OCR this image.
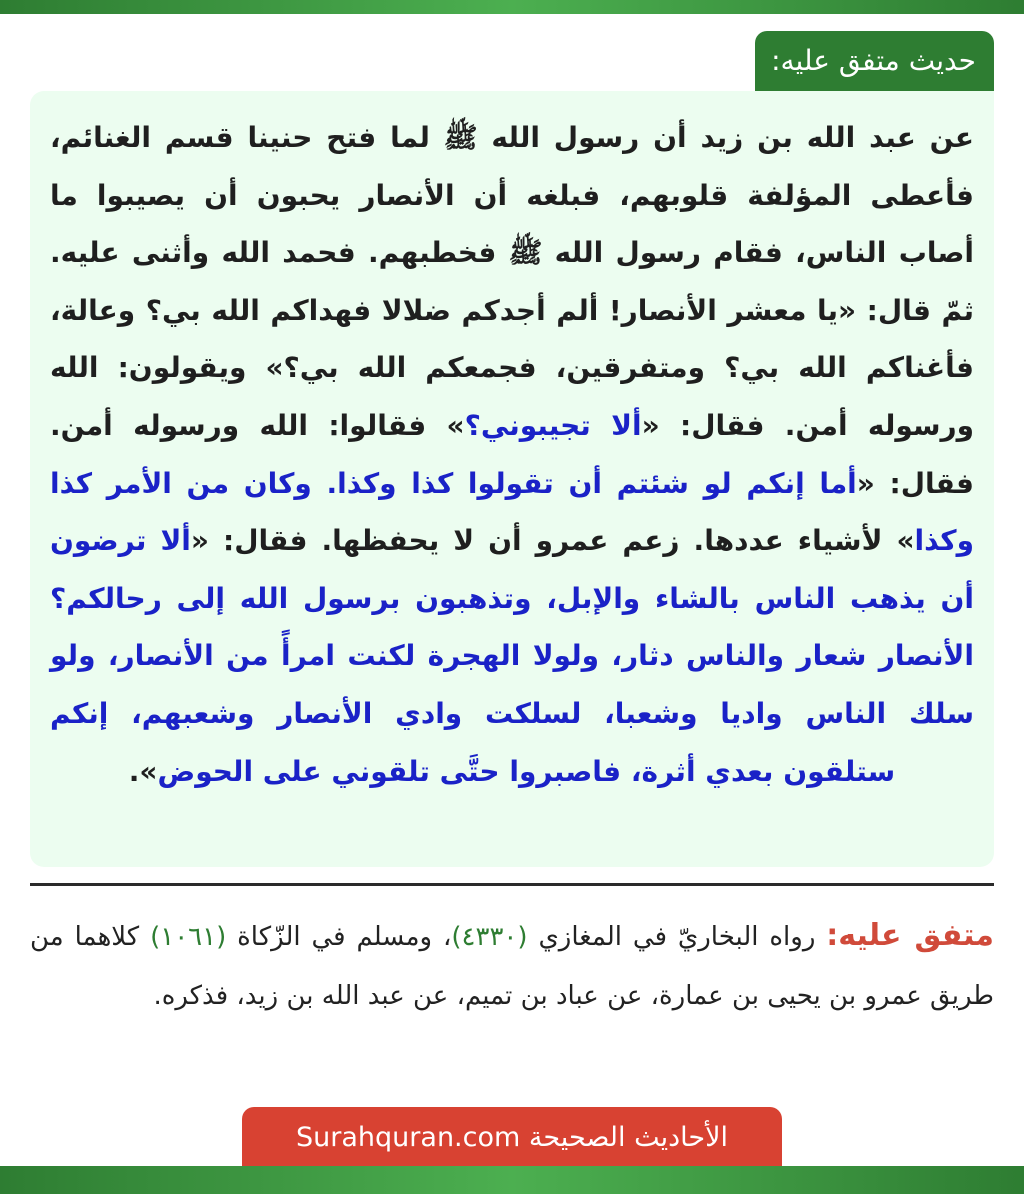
حديث متفق عليه:

عن عبد الله بن زيد أن رسول الله ﷺ لما فتح حنينا قسم الغنائم، فأعطى المؤلفة قلوبهم، فبلغه أن الأنصار يحبون أن يصيبوا ما أصاب الناس، فقام رسول الله ﷺ فخطبهم. فحمد الله وأثنى عليه. ثمّ قال: «يا معشر الأنصار! ألم أجدكم ضلالا فهداكم الله بي؟ وعالة، فأغناكم الله بي؟ ومتفرقين، فجمعكم الله بي؟» ويقولون: الله ورسوله أمن. فقال: «ألا تجيبوني؟» فقالوا: الله ورسوله أمن. فقال: «أما إنكم لو شئتم أن تقولوا كذا وكذا. وكان من الأمر كذا وكذا» لأشياء عددها. زعم عمرو أن لا يحفظها. فقال: «ألا ترضون أن يذهب الناس بالشاء والإبل، وتذهبون برسول الله إلى رحالكم؟ الأنصار شعار والناس دثار، ولولا الهجرة لكنت امرأً من الأنصار، ولو سلك الناس واديا وشعبا، لسلكت وادي الأنصار وشعبهم، إنكم ستلقون بعدي أثرة، فاصبروا حتَّى تلقوني على الحوض».

متفق عليه: رواه البخاريّ في المغازي (٤٣٣٠)، ومسلم في الزّكاة (١٠٦١) كلاهما من طريق عمرو بن يحيى بن عمارة، عن عباد بن تميم، عن عبد الله بن زيد، فذكره.

الأحاديث الصحيحة Surahquran.com
